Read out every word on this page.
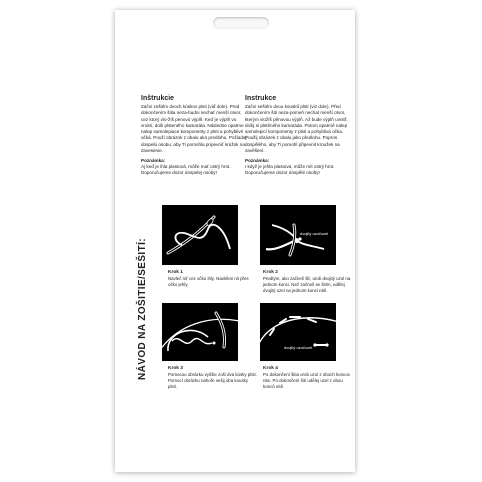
Inštrukcie
Začni zošitím dvoch kúskov plsti (viď dole). Pred dokončením šitia neza-budni nechať menší otvor, cez ktorý vlo-žíš penovú výplň. Keď je výplň vo vnútri, doši plsteného kamaráta. Následne opatrne nalep samolepiace komponenty z plsti a pohyblivé očká. Použi obrázok z obalu ako predlohu. Požiadaj dospelú osobu, aby Ti pomohla pripevniť krúžok na zavesenie.
Poznámka:
Aj keď je ihla plastová, môže mať ostrý hrot. Doporučujeme dozor dospelej osoby!
Instrukce
Začni sešitím dvou kousků plsti (viz dole). Před dokončením šití neza-pomeň nechat menší otvor, kterým vložíš pěnovou výplň. Až bude výplň uvnitř, došij si plstěného kamaráda. Potom opatrně nalep samolepicí komponenty z plsti a pohyblivá očka. Použij obrázek z obalu jako předlohu. Popros dospělého, aby Ti pomohl připevnit kroužek na zavěšení.
Poznámka:
I když je jehla plastová, může mít ostrý hrot. Doporučujeme dozor dospělé osoby!
NÁVOD NA ZOŠITIE/SEŠITÍ:	Krok 1
Navleč niť cez očko ihly. Navlékni nit přes očko jehly.
dvojitý uzol/uzel
Krok 2
Predtým, ako začneš šiť, urob dvojitý uzol na jednom konci. Než začneš se šitím, udělej dvojitý uzel na jednom konci nitě.
Krok 3
Pomocou obrázku vyššie zoši dva kúsky plsti. Pomocí obrázku nahoře sešij oba kousky plsti.
dvojitý uzol/uzel
Krok 4
Po dokončení šitia urob uzol z oboch koncov nite. Po dokončení šití udělej uzel z obou konců nitě.
